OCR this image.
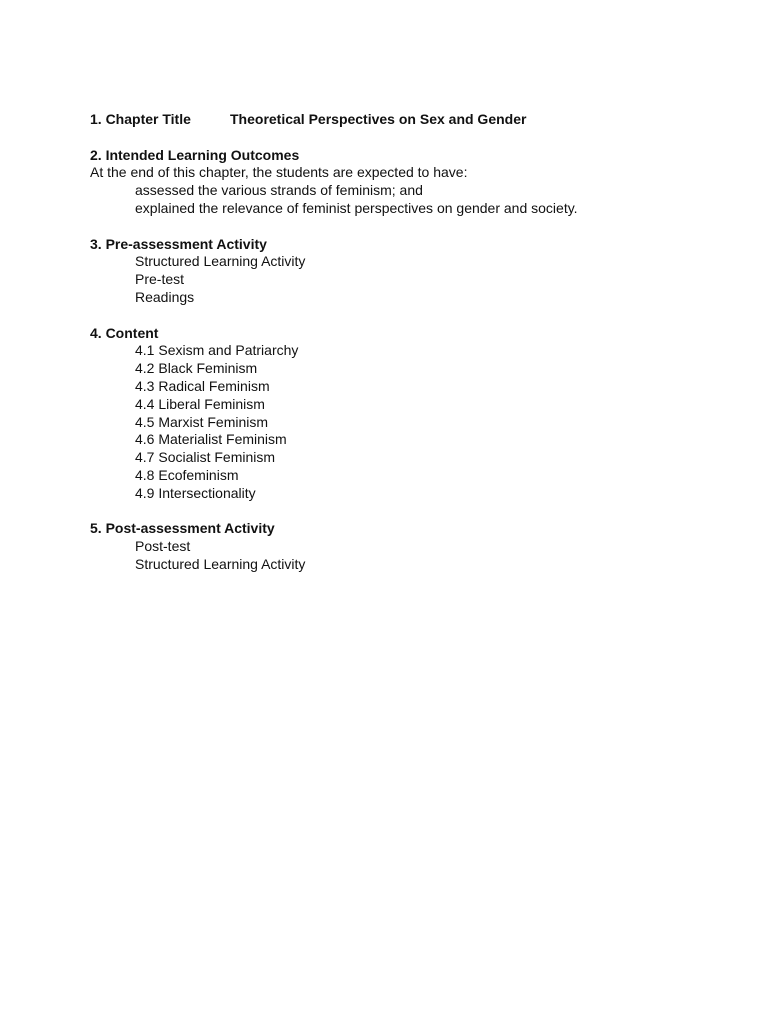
1. Chapter Title	Theoretical Perspectives on Sex and Gender
2. Intended Learning Outcomes
At the end of this chapter, the students are expected to have:
assessed the various strands of feminism; and
explained the relevance of feminist perspectives on gender and society.
3. Pre-assessment Activity
Structured Learning Activity
Pre-test
Readings
4. Content
4.1 Sexism and Patriarchy
4.2 Black Feminism
4.3 Radical Feminism
4.4 Liberal Feminism
4.5 Marxist Feminism
4.6 Materialist Feminism
4.7 Socialist Feminism
4.8 Ecofeminism
4.9 Intersectionality
5. Post-assessment Activity
Post-test
Structured Learning Activity
